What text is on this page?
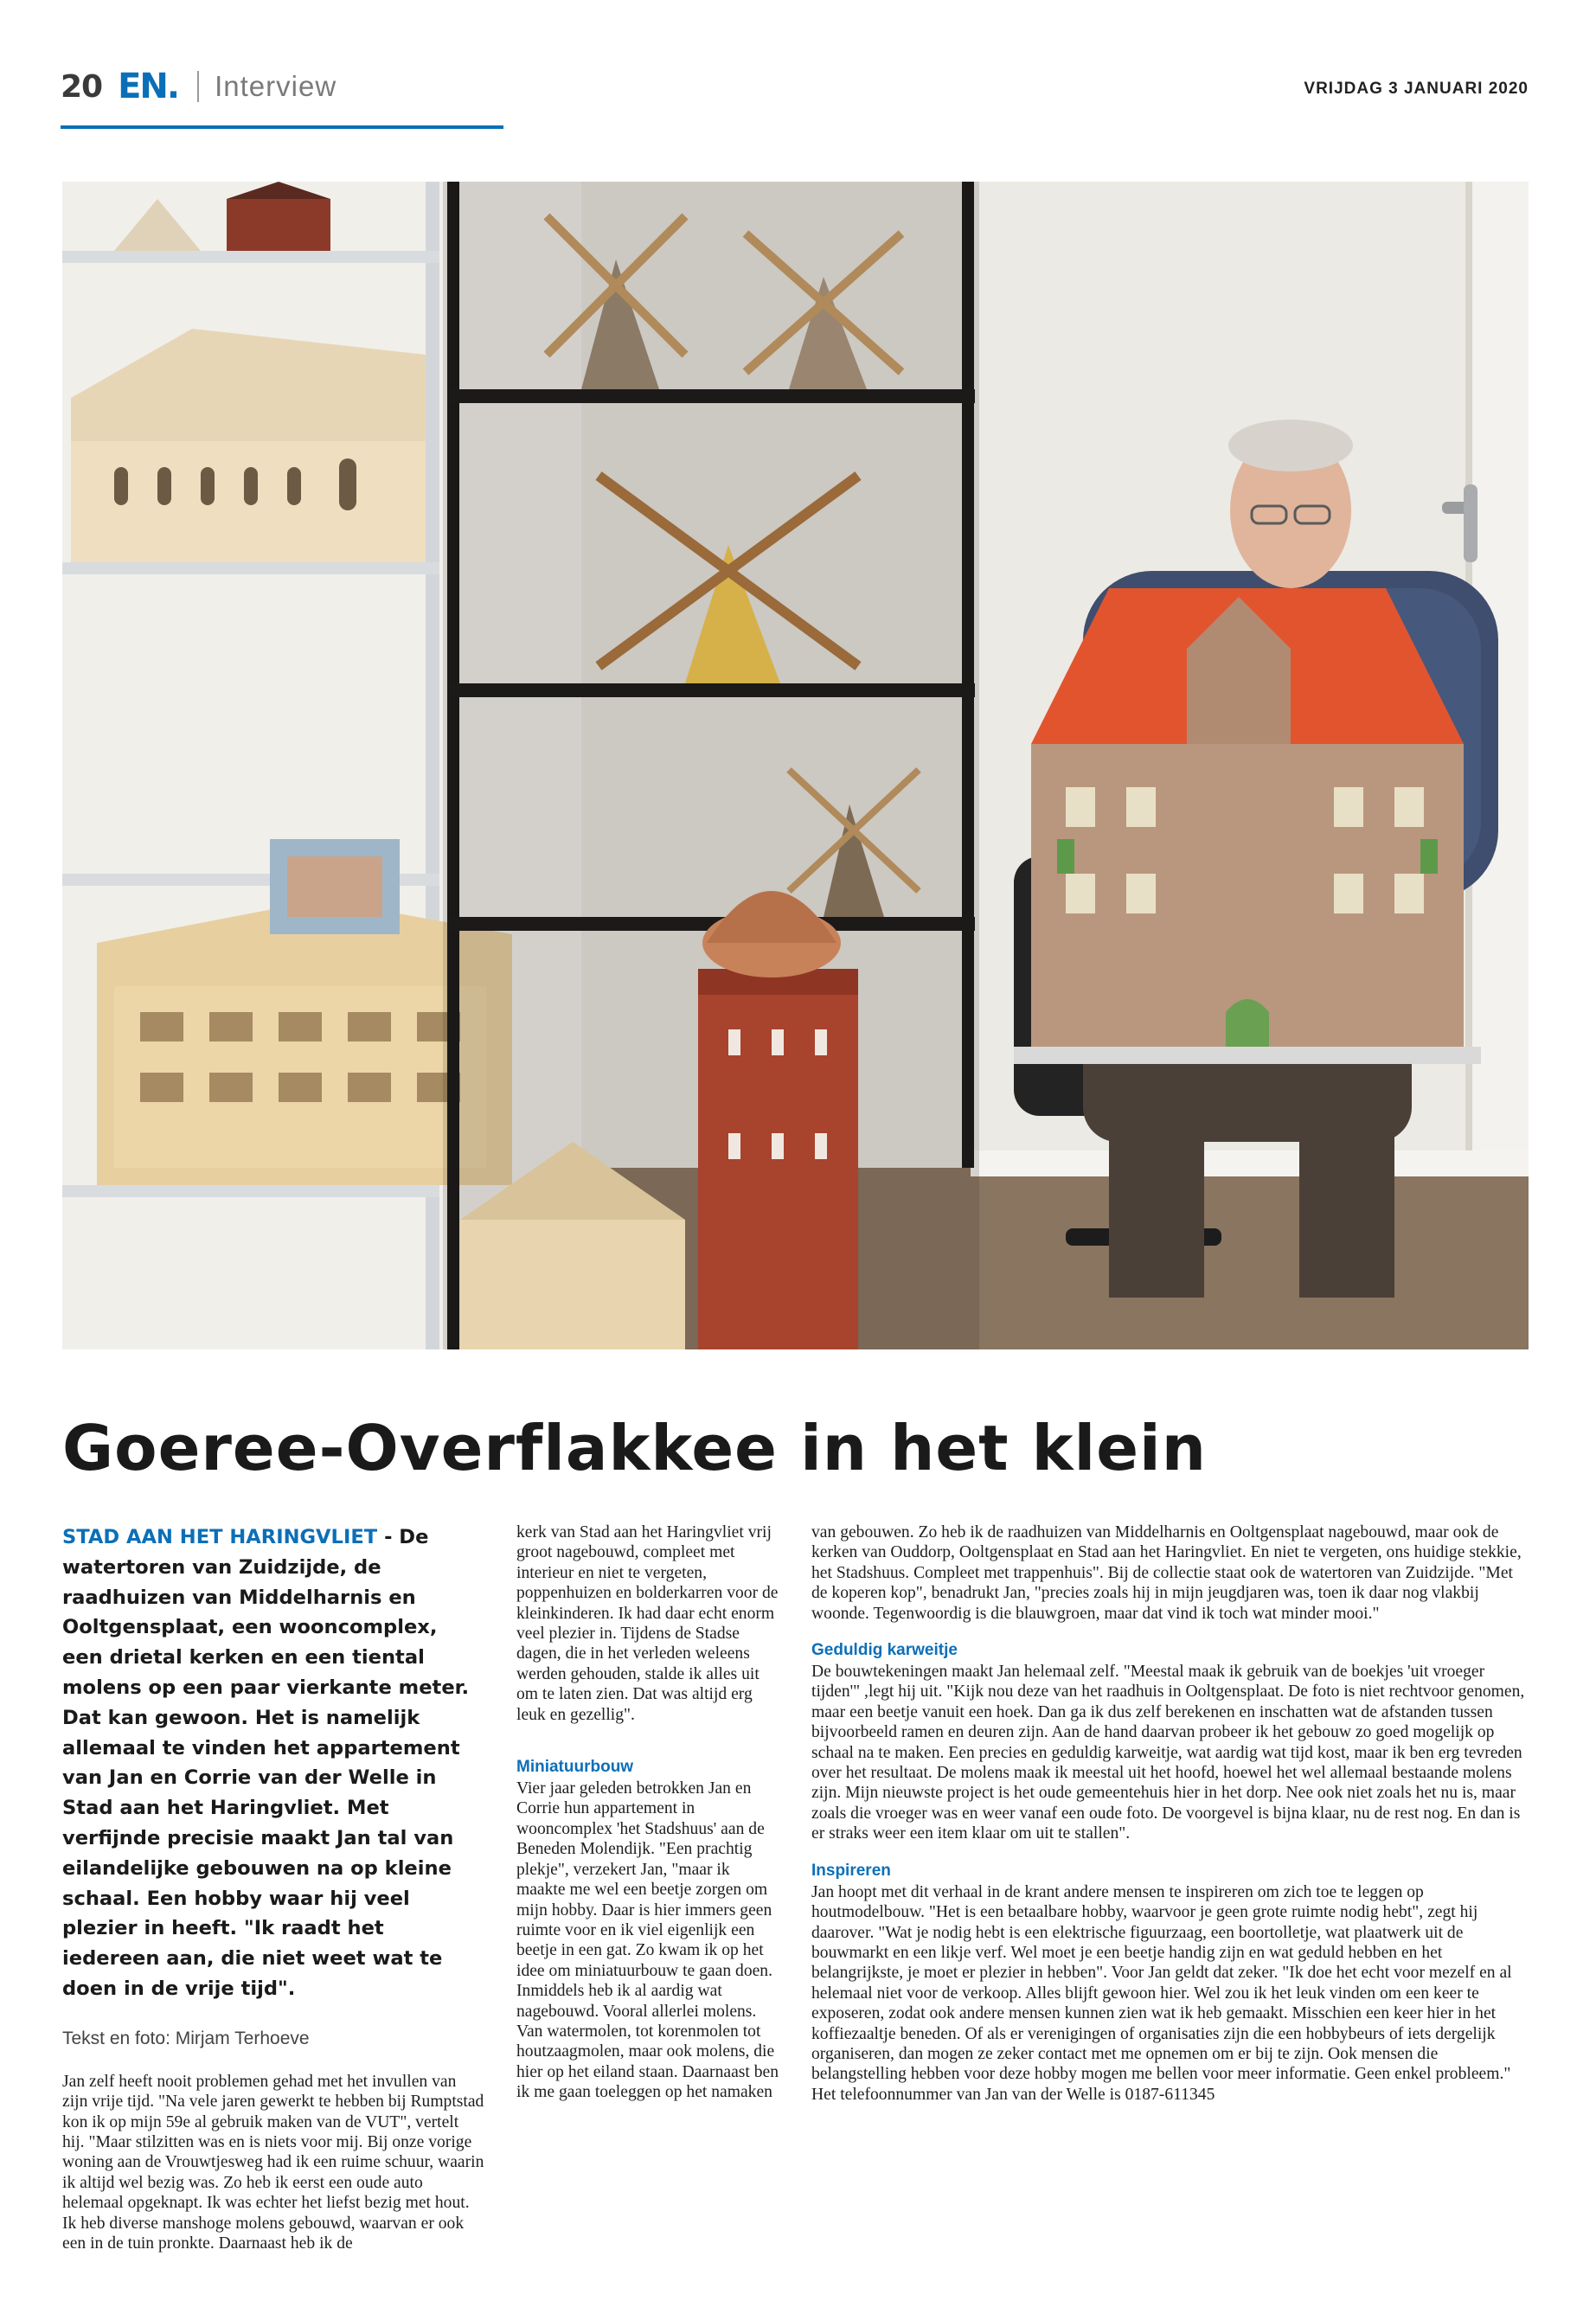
20 EN. Interview	VRIJDAG 3 JANUARI 2020
Goeree-Overflakkee in het klein

STAD AAN HET HARINGVLIET - De watertoren van Zuidzijde, de raadhuizen van Middelharnis en Ooltgensplaat, een wooncomplex, een drietal kerken en een tiental molens op een paar vierkante meter. Dat kan gewoon. Het is namelijk allemaal te vinden het appartement van Jan en Corrie van der Welle in Stad aan het Haringvliet. Met verfijnde precisie maakt Jan tal van eilandelijke gebouwen na op kleine schaal. Een hobby waar hij veel plezier in heeft. "Ik raadt het iedereen aan, die niet weet wat te doen in de vrije tijd".

Tekst en foto: Mirjam Terhoeve

Jan zelf heeft nooit problemen gehad met het invullen van zijn vrije tijd. "Na vele jaren gewerkt te hebben bij Rumptstad kon ik op mijn 59e al gebruik maken van de VUT", vertelt hij. "Maar stilzitten was en is niets voor mij. Bij onze vorige woning aan de Vrouwtjesweg had ik een ruime schuur, waarin ik altijd wel bezig was. Zo heb ik eerst een oude auto helemaal opgeknapt. Ik was echter het liefst bezig met hout. Ik heb diverse manshoge molens gebouwd, waarvan er ook een in de tuin pronkte. Daarnaast heb ik de

kerk van Stad aan het Haringvliet vrij groot nagebouwd, compleet met interieur en niet te vergeten, poppenhuizen en bolderkarren voor de kleinkinderen. Ik had daar echt enorm veel plezier in. Tijdens de Stadse dagen, die in het verleden weleens werden gehouden, stalde ik alles uit om te laten zien. Dat was altijd erg leuk en gezellig".

Miniatuurbouw

Vier jaar geleden betrokken Jan en Corrie hun appartement in wooncomplex 'het Stadshuus' aan de Beneden Molendijk. "Een prachtig plekje", verzekert Jan, "maar ik maakte me wel een beetje zorgen om mijn hobby. Daar is hier immers geen ruimte voor en ik viel eigenlijk een beetje in een gat. Zo kwam ik op het idee om miniatuurbouw te gaan doen. Inmiddels heb ik al aardig wat nagebouwd. Vooral allerlei molens. Van watermolen, tot korenmolen tot houtzaagmolen, maar ook molens, die hier op het eiland staan. Daarnaast ben ik me gaan toeleggen op het namaken

van gebouwen. Zo heb ik de raadhuizen van Middelharnis en Ooltgensplaat nagebouwd, maar ook de kerken van Ouddorp, Ooltgensplaat en Stad aan het Haringvliet. En niet te vergeten, ons huidige stekkie, het Stadshuus. Compleet met trappenhuis". Bij de collectie staat ook de watertoren van Zuidzijde. "Met de koperen kop", benadrukt Jan, "precies zoals hij in mijn jeugdjaren was, toen ik daar nog vlakbij woonde. Tegenwoordig is die blauwgroen, maar dat vind ik toch wat minder mooi."

Geduldig karweitje

De bouwtekeningen maakt Jan helemaal zelf. "Meestal maak ik gebruik van de boekjes 'uit vroeger tijden'" ,legt hij uit. "Kijk nou deze van het raadhuis in Ooltgensplaat. De foto is niet rechtvoor genomen, maar een beetje vanuit een hoek. Dan ga ik dus zelf berekenen en inschatten wat de afstanden tussen bijvoorbeeld ramen en deuren zijn. Aan de hand daarvan probeer ik het gebouw zo goed mogelijk op schaal na te maken. Een precies en geduldig karweitje, wat aardig wat tijd kost, maar ik ben erg tevreden over het resultaat. De molens maak ik meestal uit het hoofd, hoewel het wel allemaal bestaande molens zijn. Mijn nieuwste project is het oude gemeentehuis hier in het dorp. Nee ook niet zoals het nu is, maar zoals die vroeger was en weer vanaf een oude foto. De voorgevel is bijna klaar, nu de rest nog. En dan is er straks weer een item klaar om uit te stallen".

Inspireren

Jan hoopt met dit verhaal in de krant andere mensen te inspireren om zich toe te leggen op houtmodelbouw. "Het is een betaalbare hobby, waarvoor je geen grote ruimte nodig hebt", zegt hij daarover. "Wat je nodig hebt is een elektrische figuurzaag, een boortolletje, wat plaatwerk uit de bouwmarkt en een likje verf. Wel moet je een beetje handig zijn en wat geduld hebben en het belangrijkste, je moet er plezier in hebben". Voor Jan geldt dat zeker. "Ik doe het echt voor mezelf en al helemaal niet voor de verkoop. Alles blijft gewoon hier. Wel zou ik het leuk vinden om een keer te exposeren, zodat ook andere mensen kunnen zien wat ik heb gemaakt. Misschien een keer hier in het koffiezaaltje beneden. Of als er verenigingen of organisaties zijn die een hobbybeurs of iets dergelijk organiseren, dan mogen ze zeker contact met me opnemen om er bij te zijn. Ook mensen die belangstelling hebben voor deze hobby mogen me bellen voor meer informatie. Geen enkel probleem." Het telefoonnummer van Jan van der Welle is 0187-611345
